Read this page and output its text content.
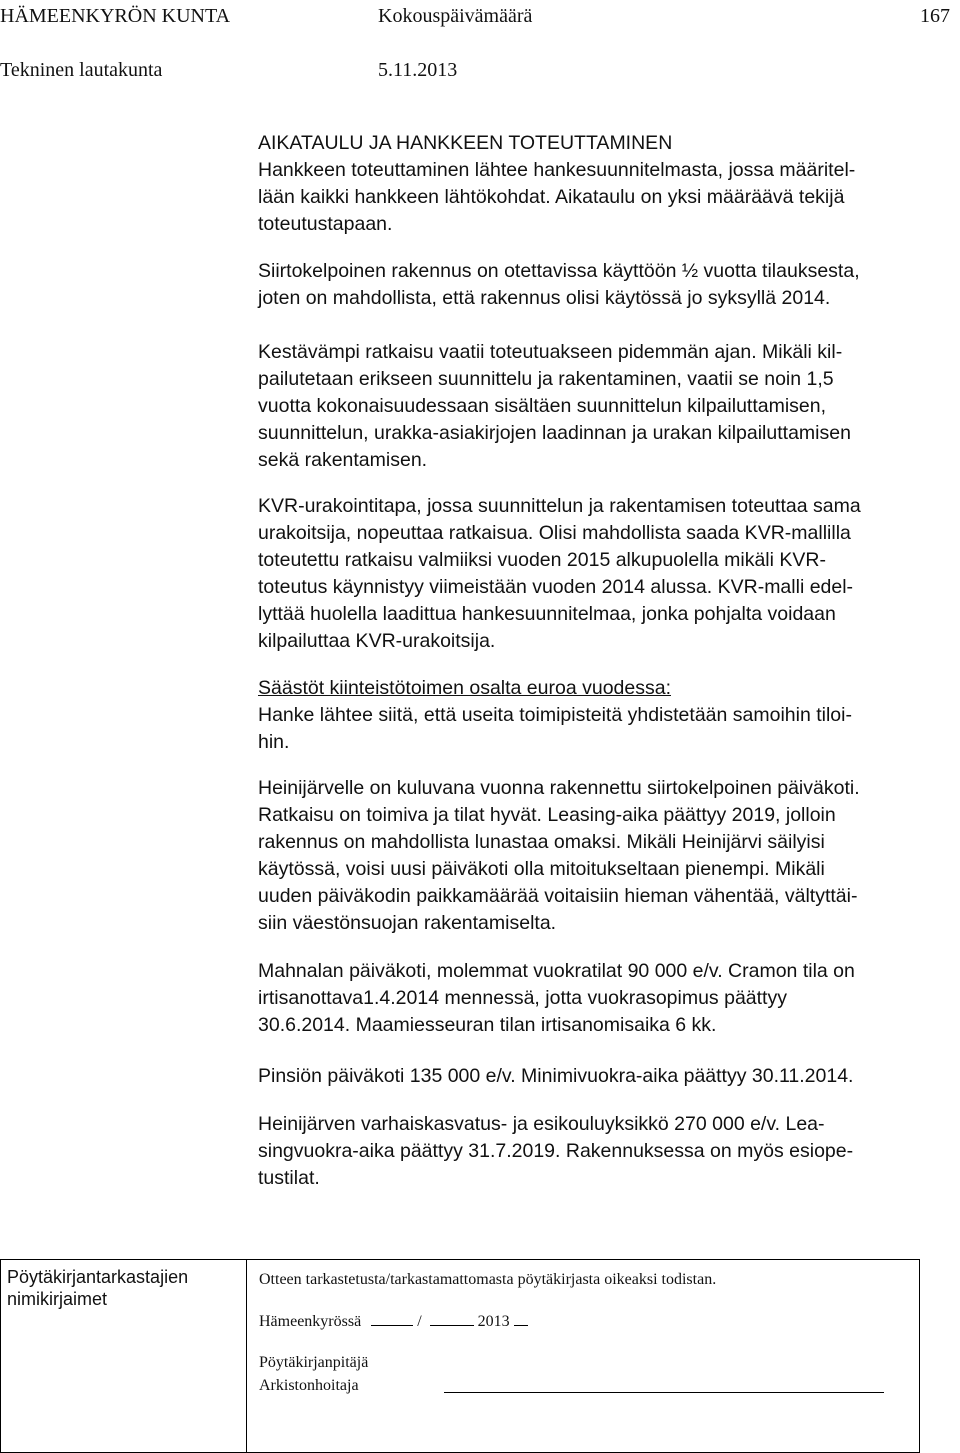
HÄMEENKYRÖN KUNTA	Kokouspäivämäärä	167
Tekninen lautakunta	5.11.2013
AIKATAULU JA HANKKEEN TOTEUTTAMINEN
Hankkeen toteuttaminen lähtee hankesuunnitelmasta, jossa määritel-
lään kaikki hankkeen lähtökohdat. Aikataulu on yksi määräävä tekijä
toteutustapaan.
Siirtokelpoinen rakennus on otettavissa käyttöön ½ vuotta tilauksesta,
joten on mahdollista, että rakennus olisi käytössä jo syksyllä 2014.
Kestävämpi ratkaisu vaatii toteutuakseen pidemmän ajan. Mikäli kil-
pailutetaan erikseen suunnittelu ja rakentaminen, vaatii se noin 1,5
vuotta kokonaisuudessaan sisältäen suunnittelun kilpailuttamisen,
suunnittelun, urakka-asiakirjojen laadinnan ja urakan kilpailuttamisen
sekä rakentamisen.
KVR-urakointitapa, jossa suunnittelun ja rakentamisen toteuttaa sama
urakoitsija, nopeuttaa ratkaisua. Olisi mahdollista saada KVR-mallilla
toteutettu ratkaisu valmiiksi vuoden 2015 alkupuolella mikäli KVR-
toteutus käynnistyy viimeistään vuoden 2014 alussa. KVR-malli edel-
lyttää huolella laadittua hankesuunnitelmaa, jonka pohjalta voidaan
kilpailuttaa KVR-urakoitsija.
Säästöt kiinteistötoimen osalta euroa vuodessa:
Hanke lähtee siitä, että useita toimipisteitä yhdistetään samoihin tiloi-
hin.
Heinijärvelle on kuluvana vuonna rakennettu siirtokelpoinen päiväkoti.
Ratkaisu on toimiva ja tilat hyvät. Leasing-aika päättyy 2019, jolloin
rakennus on mahdollista lunastaa omaksi. Mikäli Heinijärvi säilyisi
käytössä, voisi uusi päiväkoti olla mitoitukseltaan pienempi. Mikäli
uuden päiväkodin paikkamäärää voitaisiin hieman vähentää, vältyttäi-
siin väestönsuojan rakentamiselta.
Mahnalan päiväkoti, molemmat vuokratilat 90 000 e/v. Cramon tila on
irtisanottava1.4.2014 mennessä, jotta vuokrasopimus päättyy
30.6.2014. Maamiesseuran tilan irtisanomisaika 6 kk.
Pinsiön päiväkoti 135 000 e/v. Minimivuokra-aika päättyy 30.11.2014.
Heinijärven varhaiskasvatus- ja esikouluyksikkö 270 000 e/v. Lea-
singvuokra-aika päättyy 31.7.2019. Rakennuksessa on myös esiope-
tustilat.
Pöytäkirjantarkastajien
nimikirjaimet
Otteen tarkastetusta/tarkastamattomasta pöytäkirjasta oikeaksi todistan.
Hämeenkyrössä	/	2013
Pöytäkirjanpitäjä
Arkistonhoitaja
